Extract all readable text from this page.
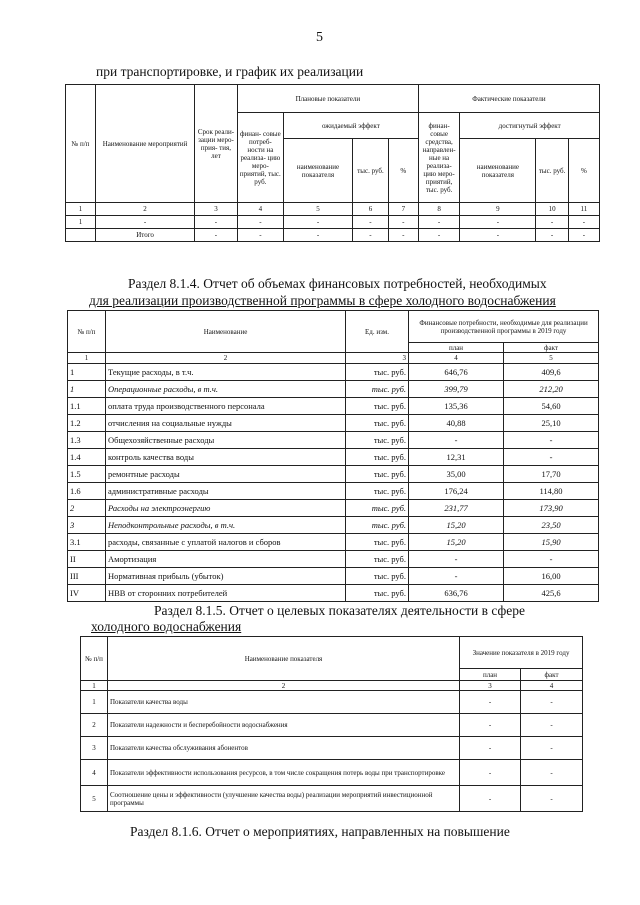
5
при транспортировке, и график их реализации
№ п/п	Наименование мероприятий	Срок реали- зации меро- прия- тия, лет	Плановые показатели				Фактические показатели			
			финан- совые потреб- ности на реализа- цию меро- приятий, тыс. руб.	ожидаемый эффект			финан- совые средства, направлен- ные на реализа- цию меро- приятий, тыс. руб.	достигнутый эффект		
				наименование показателя	тыс. руб.	%		наименование показателя	тыс. руб.	%
1	2	3	4	5	6	7	8	9	10	11
1	-	-	-	-	-	-	-	-	-	-
	Итого	-	-	-	-	-	-	-	-	-
Раздел 8.1.4. Отчет об объемах финансовых потребностей, необходимых
для реализации производственной программы в сфере холодного водоснабжения
№ п/п	Наименование	Ед. изм.	Финансовые потребности, необходимые для реализации производственной программы в 2019 году	
			план	факт
1	2	3	4	5
1	Текущие расходы, в т.ч.	тыс. руб.	646,76	409,6
1	Операционные расходы, в т.ч.	тыс. руб.	399,79	212,20
1.1	оплата труда производственного персонала	тыс. руб.	135,36	54,60
1.2	отчисления на социальные нужды	тыс. руб.	40,88	25,10
1.3	Общехозяйственные расходы	тыс. руб.	-	-
1.4	контроль качества воды	тыс. руб.	12,31	-
1.5	ремонтные расходы	тыс. руб.	35,00	17,70
1.6	административные расходы	тыс. руб.	176,24	114,80
2	Расходы на электроэнергию	тыс. руб.	231,77	173,90
3	Неподконтрольные расходы, в т.ч.	тыс. руб.	15,20	23,50
3.1	расходы, связанные с уплатой налогов и сборов	тыс. руб.	15,20	15,90
II	Амортизация	тыс. руб.	-	-
III	Нормативная прибыль (убыток)	тыс. руб.	-	16,00
IV	НВВ от сторонних потребителей	тыс. руб.	636,76	425,6
Раздел 8.1.5. Отчет о целевых показателях деятельности в сфере
холодного водоснабжения
№ п/п	Наименование показателя	Значение показателя в 2019 году	
		план	факт
1	2	3	4
1	Показатели качества воды	-	-
2	Показатели надежности и бесперебойности водоснабжения	-	-
3	Показатели качества обслуживания абонентов	-	-
4	Показатели эффективности использования ресурсов, в том числе сокращения потерь воды при транспортировке	-	-
5	Соотношение цены и эффективности (улучшение качества воды) реализации мероприятий инвестиционной программы	-	-
Раздел 8.1.6. Отчет о мероприятиях, направленных на повышение
